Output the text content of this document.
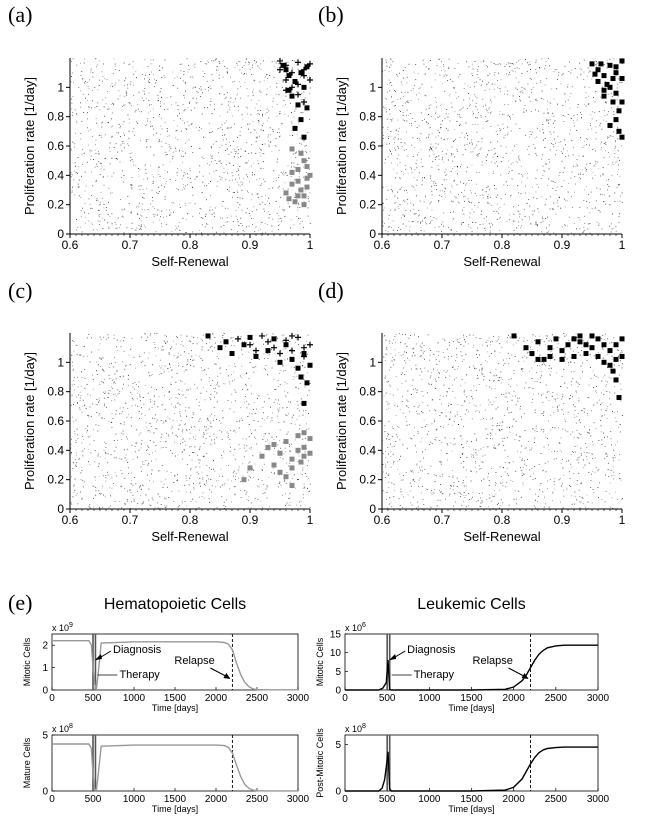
(a)
0.6	0.7	0.8	0.9	1
0
0.2
0.4
0.6
0.8
1
Self-Renewal
Proliferation rate [1/day]
(b)
0.6	0.7	0.8	0.9	1
0
0.2
0.4
0.6
0.8
1
Self-Renewal
Proliferation rate [1/day]
(c)
0.6	0.7	0.8	0.9	1
0
0.2
0.4
0.6
0.8
1
Self-Renewal
Proliferation rate [1/day]
(d)
0.6	0.7	0.8	0.9	1
0
0.2
0.4
0.6
0.8
1
Self-Renewal
Proliferation rate [1/day]
(e)	Hematopoietic Cells
x $10^9$
0	500 1000 1500 2000 2500 3000
0
1
2
Time [days]
Mitotic Cells	Diagnosis
Therapy
Relapse
Leukemic Cells
x $10^6$
0	500 1000 1500 2000 2500 3000
0
5
10
15
Time [days]
Mitotic Cells	Diagnosis
Therapy
Relapse
x $10^8$
0	500 1000 1500 2000 2500 3000
0
5
Time [days]
Mature Cells
x $10^8$
0	500 1000 1500 2000 2500 3000
0
5
Time [days]
Post-Mitotic Cells
